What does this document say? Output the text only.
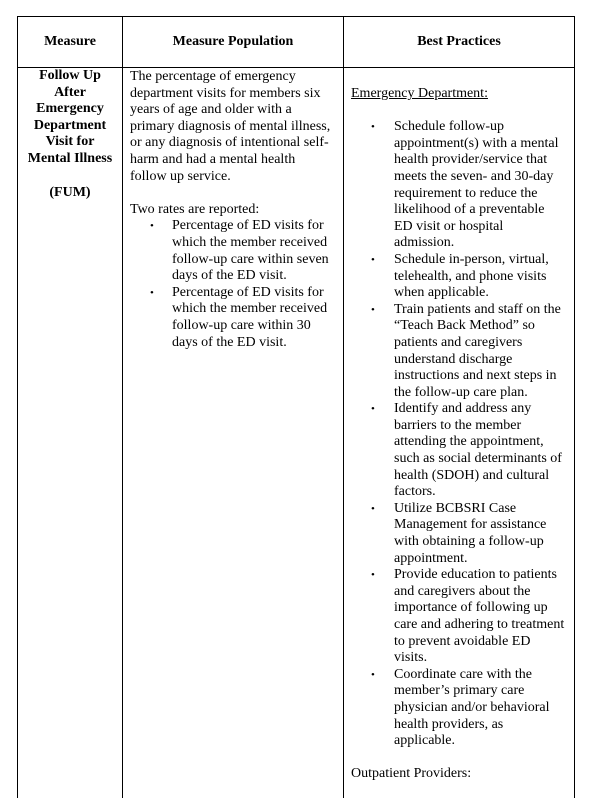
Measure	Measure Population	Best Practices

Follow Up

After

Emergency

Department

Visit for

Mental Illness

(FUM)

The percentage of emergency

department visits for members six

years of age and older with a

primary diagnosis of mental illness,

or any diagnosis of intentional self-

harm and had a mental health

follow up service.

Two rates are reported:

• Percentage of ED visits for
which the member received
follow-up care within seven
days of the ED visit.
• Percentage of ED visits for
which the member received
follow-up care within 30
days of the ED visit.

Emergency Department:

• Schedule follow-up
appointment(s) with a mental
health provider/service that
meets the seven- and 30-day
requirement to reduce the
likelihood of a preventable
ED visit or hospital
admission.
• Schedule in-person, virtual,
telehealth, and phone visits
when applicable.
• Train patients and staff on the
“Teach Back Method” so
patients and caregivers
understand discharge
instructions and next steps in
the follow-up care plan.
• Identify and address any
barriers to the member
attending the appointment,
such as social determinants of
health (SDOH) and cultural
factors.
• Utilize BCBSRI Case
Management for assistance
with obtaining a follow-up
appointment.
• Provide education to patients
and caregivers about the
importance of following up
care and adhering to treatment
to prevent avoidable ED
visits.
• Coordinate care with the
member’s primary care
physician and/or behavioral
health providers, as
applicable.

Outpatient Providers:
